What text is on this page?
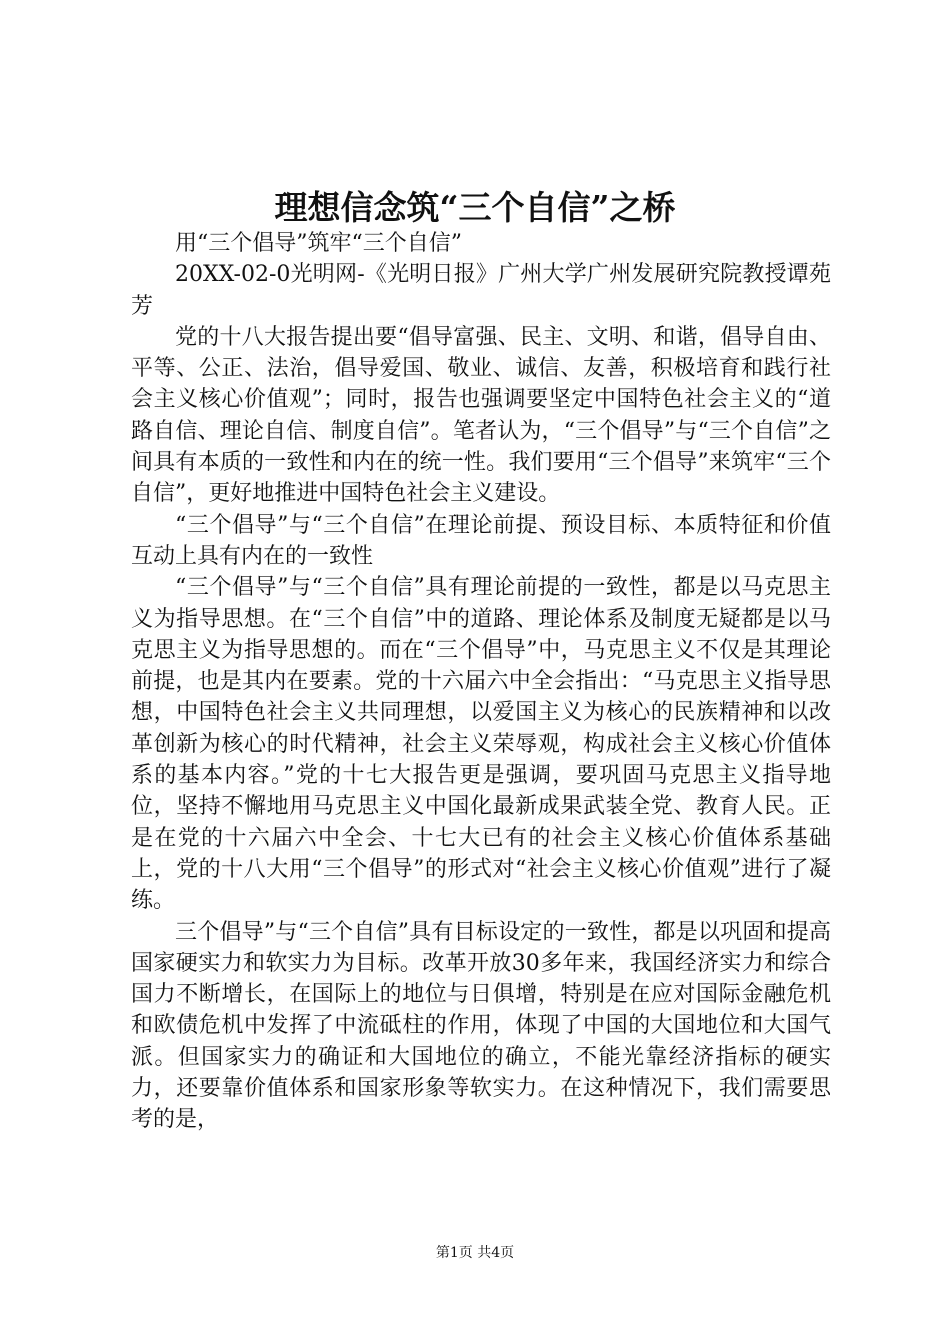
理想信念筑“三个自信”之桥

用“三个倡导”筑牢“三个自信”

20XX-02-0光明网-《光明日报》广州大学广州发展研究院教授谭苑芳

党的十八大报告提出要“倡导富强、民主、文明、和谐，倡导自由、平等、公正、法治，倡导爱国、敬业、诚信、友善，积极培育和践行社会主义核心价值观”；同时，报告也强调要坚定中国特色社会主义的“道路自信、理论自信、制度自信”。笔者认为，“三个倡导”与“三个自信”之间具有本质的一致性和内在的统一性。我们要用“三个倡导”来筑牢“三个自信”，更好地推进中国特色社会主义建设。

“三个倡导”与“三个自信”在理论前提、预设目标、本质特征和价值互动上具有内在的一致性

“三个倡导”与“三个自信”具有理论前提的一致性，都是以马克思主义为指导思想。在“三个自信”中的道路、理论体系及制度无疑都是以马克思主义为指导思想的。而在“三个倡导”中，马克思主义不仅是其理论前提，也是其内在要素。党的十六届六中全会指出：“马克思主义指导思想，中国特色社会主义共同理想，以爱国主义为核心的民族精神和以改革创新为核心的时代精神，社会主义荣辱观，构成社会主义核心价值体系的基本内容。”党的十七大报告更是强调，要巩固马克思主义指导地位，坚持不懈地用马克思主义中国化最新成果武装全党、教育人民。正是在党的十六届六中全会、十七大已有的社会主义核心价值体系基础上，党的十八大用“三个倡导”的形式对“社会主义核心价值观”进行了凝练。

三个倡导”与“三个自信”具有目标设定的一致性，都是以巩固和提高国家硬实力和软实力为目标。改革开放30多年来，我国经济实力和综合国力不断增长，在国际上的地位与日俱增，特别是在应对国际金融危机和欧债危机中发挥了中流砥柱的作用，体现了中国的大国地位和大国气派。但国家实力的确证和大国地位的确立，不能光靠经济指标的硬实力，还要靠价值体系和国家形象等软实力。在这种情况下，我们需要思考的是，

第1页 共4页
